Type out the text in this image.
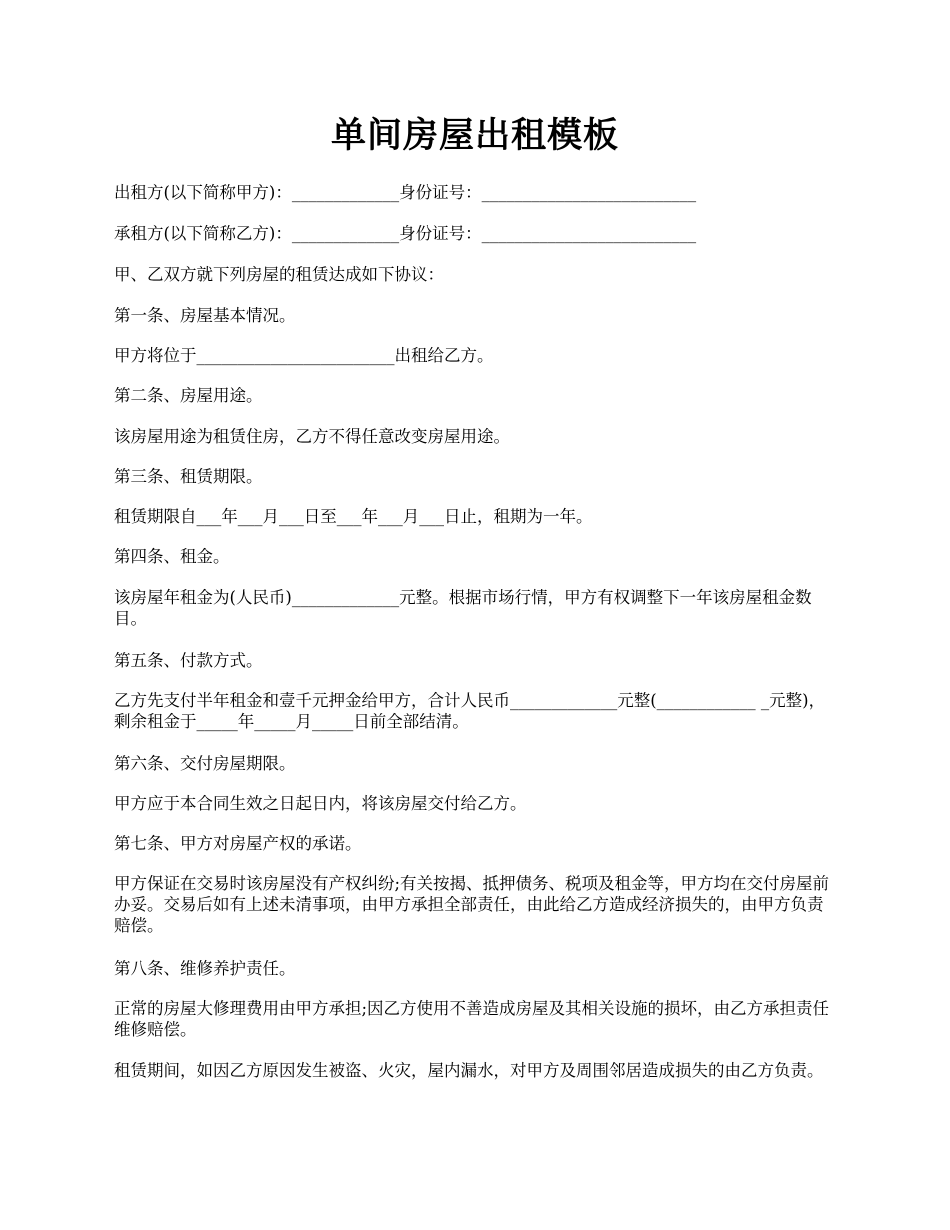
单间房屋出租模板

出租方(以下简称甲方)：_____________身份证号：__________________________

承租方(以下简称乙方)：_____________身份证号：__________________________

甲、乙双方就下列房屋的租赁达成如下协议：

第一条、房屋基本情况。

甲方将位于________________________出租给乙方。

第二条、房屋用途。

该房屋用途为租赁住房，乙方不得任意改变房屋用途。

第三条、租赁期限。

租赁期限自___年___月___日至___年___月___日止，租期为一年。

第四条、租金。

该房屋年租金为(人民币)_____________元整。根据市场行情，甲方有权调整下一年该房屋租金数目。

第五条、付款方式。

乙方先支付半年租金和壹千元押金给甲方，合计人民币_____________元整(____________ _元整)，剩余租金于_____年_____月_____日前全部结清。

第六条、交付房屋期限。

甲方应于本合同生效之日起日内，将该房屋交付给乙方。

第七条、甲方对房屋产权的承诺。

甲方保证在交易时该房屋没有产权纠纷;有关按揭、抵押债务、税项及租金等，甲方均在交付房屋前办妥。交易后如有上述未清事项，由甲方承担全部责任，由此给乙方造成经济损失的，由甲方负责赔偿。

第八条、维修养护责任。

正常的房屋大修理费用由甲方承担;因乙方使用不善造成房屋及其相关设施的损坏，由乙方承担责任维修赔偿。

租赁期间，如因乙方原因发生被盗、火灾，屋内漏水，对甲方及周围邻居造成损失的由乙方负责。
